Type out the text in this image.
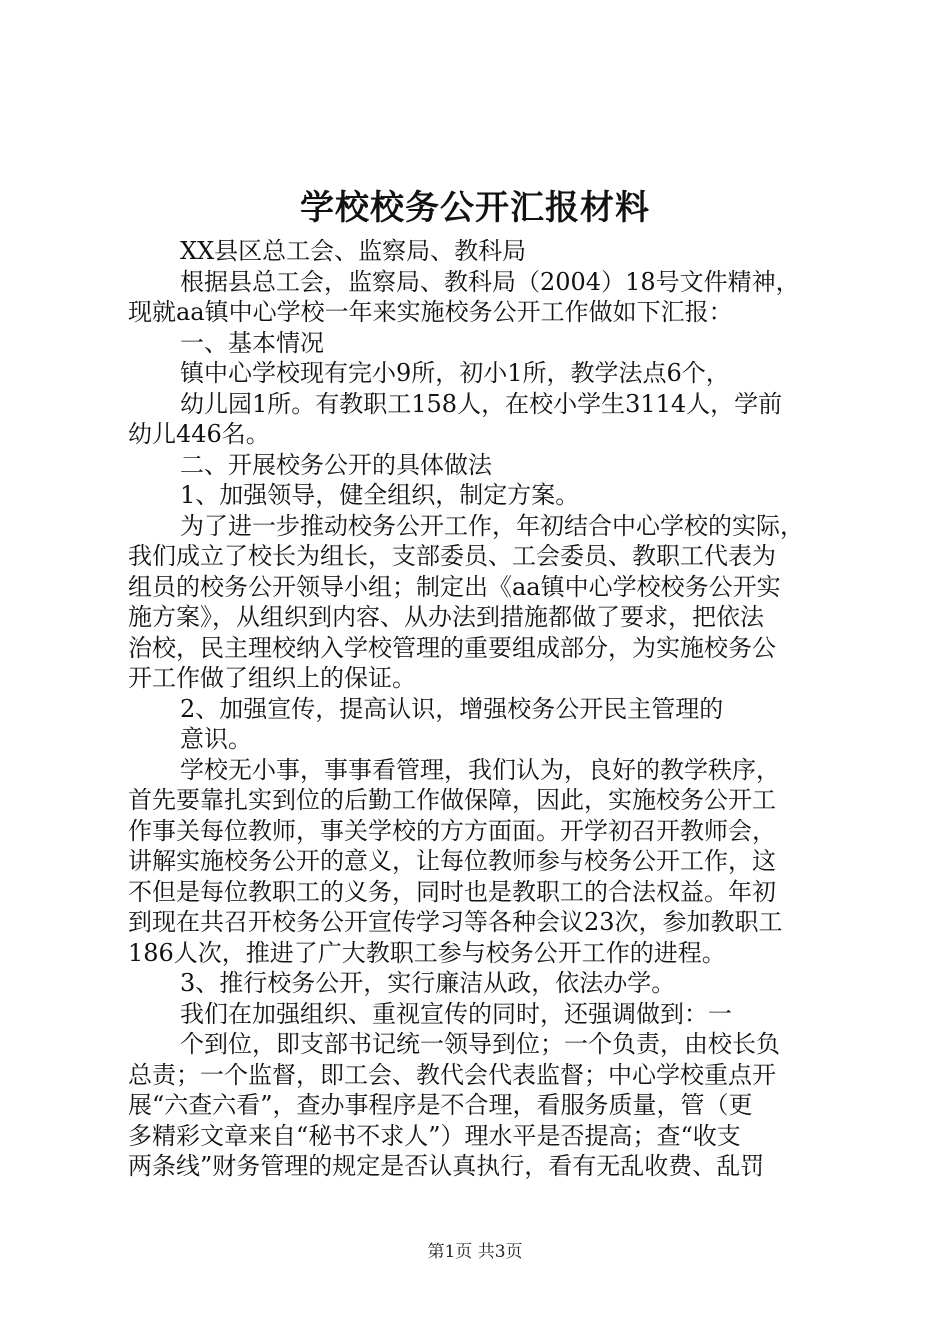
学校校务公开汇报材料
XX县区总工会、监察局、教科局
根据县总工会，监察局、教科局（2004）18号文件精神，
现就aa镇中心学校一年来实施校务公开工作做如下汇报：
一、基本情况
镇中心学校现有完小9所，初小1所，教学法点6个，
幼儿园1所。有教职工158人，在校小学生3114人，学前
幼儿446名。
二、开展校务公开的具体做法
1、加强领导，健全组织，制定方案。
为了进一步推动校务公开工作，年初结合中心学校的实际，
我们成立了校长为组长，支部委员、工会委员、教职工代表为
组员的校务公开领导小组；制定出《aa镇中心学校校务公开实
施方案》，从组织到内容、从办法到措施都做了要求，把依法
治校，民主理校纳入学校管理的重要组成部分，为实施校务公
开工作做了组织上的保证。
2、加强宣传，提高认识，增强校务公开民主管理的
意识。
学校无小事，事事看管理，我们认为，良好的教学秩序，
首先要靠扎实到位的后勤工作做保障，因此，实施校务公开工
作事关每位教师，事关学校的方方面面。开学初召开教师会，
讲解实施校务公开的意义，让每位教师参与校务公开工作，这
不但是每位教职工的义务，同时也是教职工的合法权益。年初
到现在共召开校务公开宣传学习等各种会议23次，参加教职工
186人次，推进了广大教职工参与校务公开工作的进程。
3、推行校务公开，实行廉洁从政，依法办学。
我们在加强组织、重视宣传的同时，还强调做到：一
个到位，即支部书记统一领导到位；一个负责，由校长负
总责；一个监督，即工会、教代会代表监督；中心学校重点开
展“六查六看”，查办事程序是不合理，看服务质量，管（更
多精彩文章来自“秘书不求人”）理水平是否提高；查“收支
两条线”财务管理的规定是否认真执行，看有无乱收费、乱罚
第1页 共3页
